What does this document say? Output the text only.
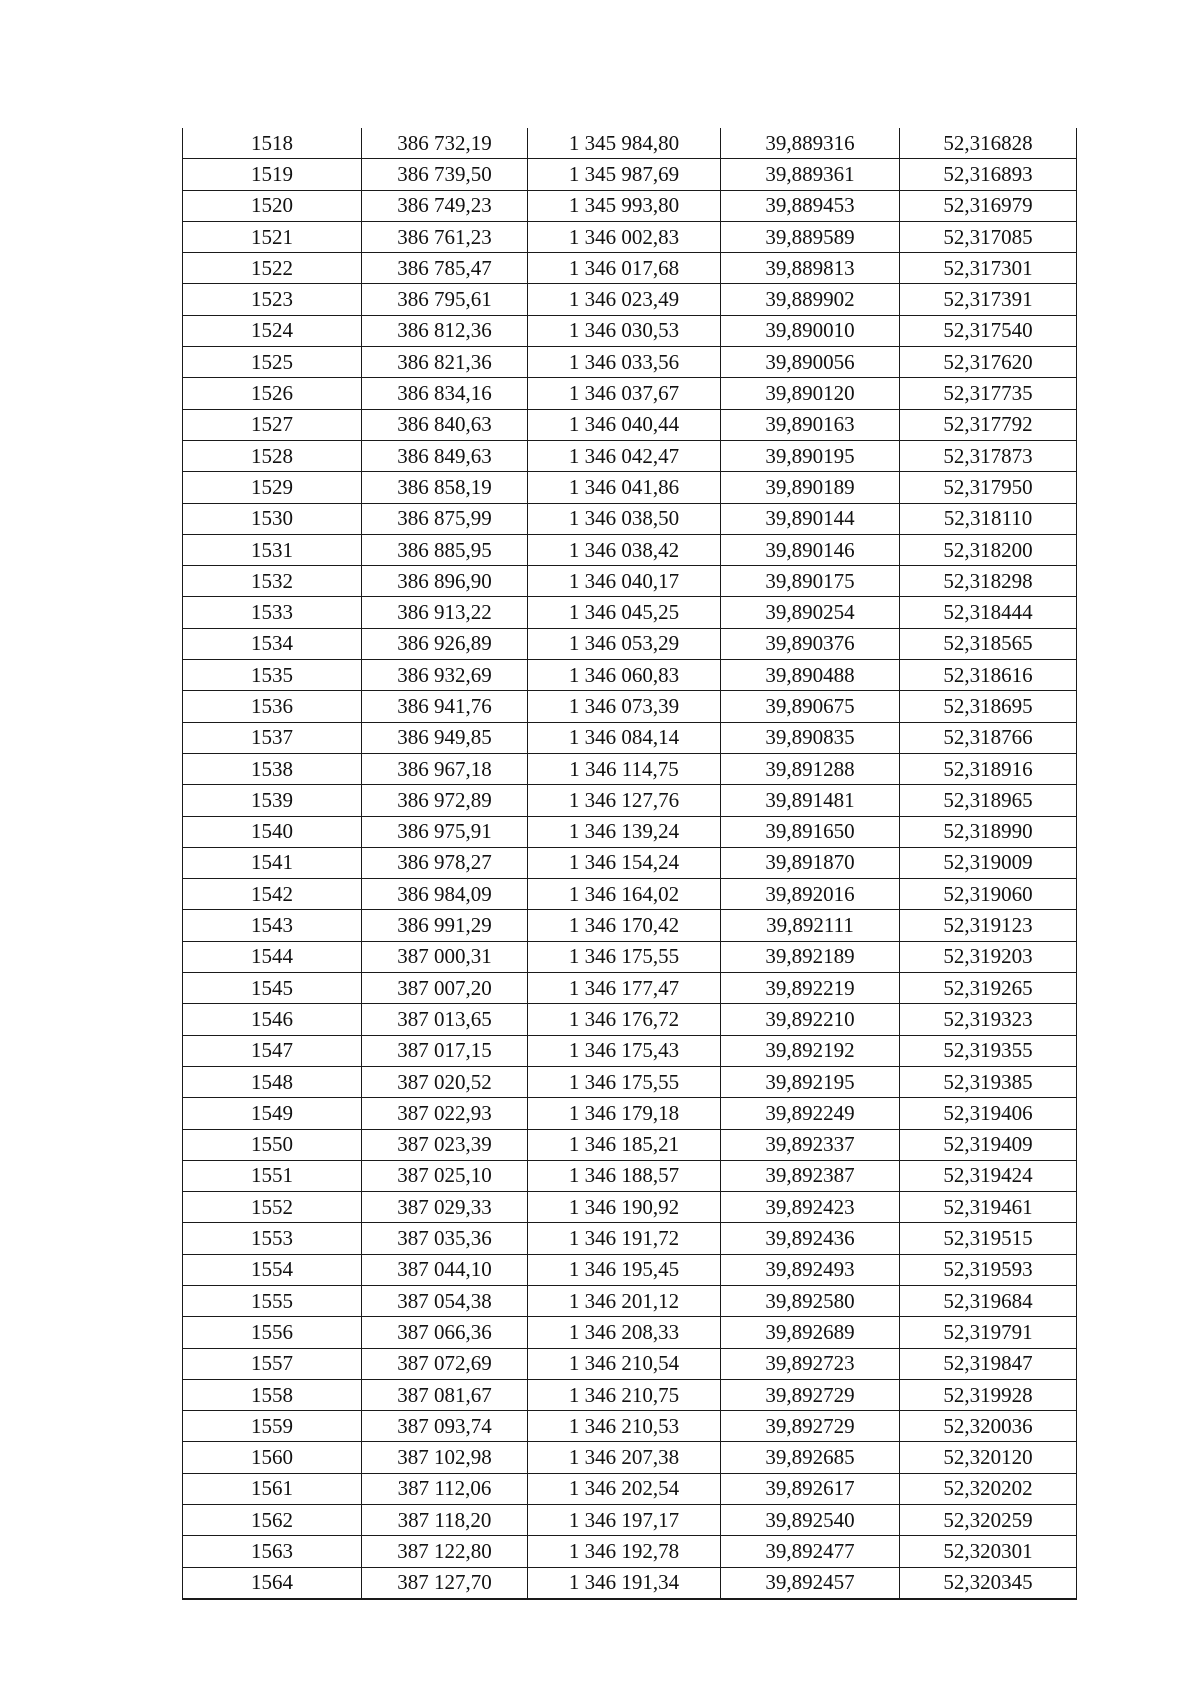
1518	386 732,19	1 345 984,80	39,889316	52,316828
1519	386 739,50	1 345 987,69	39,889361	52,316893
1520	386 749,23	1 345 993,80	39,889453	52,316979
1521	386 761,23	1 346 002,83	39,889589	52,317085
1522	386 785,47	1 346 017,68	39,889813	52,317301
1523	386 795,61	1 346 023,49	39,889902	52,317391
1524	386 812,36	1 346 030,53	39,890010	52,317540
1525	386 821,36	1 346 033,56	39,890056	52,317620
1526	386 834,16	1 346 037,67	39,890120	52,317735
1527	386 840,63	1 346 040,44	39,890163	52,317792
1528	386 849,63	1 346 042,47	39,890195	52,317873
1529	386 858,19	1 346 041,86	39,890189	52,317950
1530	386 875,99	1 346 038,50	39,890144	52,318110
1531	386 885,95	1 346 038,42	39,890146	52,318200
1532	386 896,90	1 346 040,17	39,890175	52,318298
1533	386 913,22	1 346 045,25	39,890254	52,318444
1534	386 926,89	1 346 053,29	39,890376	52,318565
1535	386 932,69	1 346 060,83	39,890488	52,318616
1536	386 941,76	1 346 073,39	39,890675	52,318695
1537	386 949,85	1 346 084,14	39,890835	52,318766
1538	386 967,18	1 346 114,75	39,891288	52,318916
1539	386 972,89	1 346 127,76	39,891481	52,318965
1540	386 975,91	1 346 139,24	39,891650	52,318990
1541	386 978,27	1 346 154,24	39,891870	52,319009
1542	386 984,09	1 346 164,02	39,892016	52,319060
1543	386 991,29	1 346 170,42	39,892111	52,319123
1544	387 000,31	1 346 175,55	39,892189	52,319203
1545	387 007,20	1 346 177,47	39,892219	52,319265
1546	387 013,65	1 346 176,72	39,892210	52,319323
1547	387 017,15	1 346 175,43	39,892192	52,319355
1548	387 020,52	1 346 175,55	39,892195	52,319385
1549	387 022,93	1 346 179,18	39,892249	52,319406
1550	387 023,39	1 346 185,21	39,892337	52,319409
1551	387 025,10	1 346 188,57	39,892387	52,319424
1552	387 029,33	1 346 190,92	39,892423	52,319461
1553	387 035,36	1 346 191,72	39,892436	52,319515
1554	387 044,10	1 346 195,45	39,892493	52,319593
1555	387 054,38	1 346 201,12	39,892580	52,319684
1556	387 066,36	1 346 208,33	39,892689	52,319791
1557	387 072,69	1 346 210,54	39,892723	52,319847
1558	387 081,67	1 346 210,75	39,892729	52,319928
1559	387 093,74	1 346 210,53	39,892729	52,320036
1560	387 102,98	1 346 207,38	39,892685	52,320120
1561	387 112,06	1 346 202,54	39,892617	52,320202
1562	387 118,20	1 346 197,17	39,892540	52,320259
1563	387 122,80	1 346 192,78	39,892477	52,320301
1564	387 127,70	1 346 191,34	39,892457	52,320345
